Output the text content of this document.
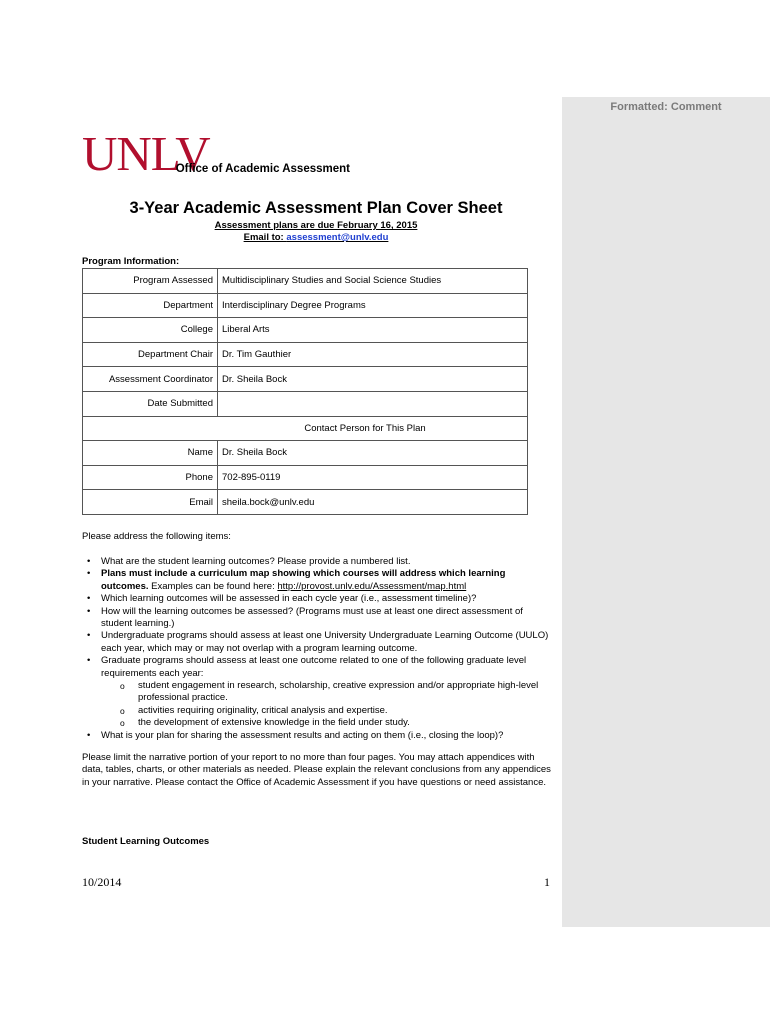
UNLV
Office of Academic Assessment
3-Year Academic Assessment Plan Cover Sheet
Assessment plans are due February 16, 2015
Email to: assessment@unlv.edu
Program Information:
Program Assessed	Multidisciplinary Studies and Social Science Studies
Department	Interdisciplinary Degree Programs
College	Liberal Arts
Department Chair	Dr. Tim Gauthier
Assessment Coordinator	Dr. Sheila Bock
Date Submitted	
Contact Person for This Plan	
Name	Dr. Sheila Bock
Phone	702-895-0119
Email	sheila.bock@unlv.edu
Please address the following items:
• What are the student learning outcomes? Please provide a numbered list.
• Plans must include a curriculum map showing which courses will address which learning outcomes. Examples can be found here: http://provost.unlv.edu/Assessment/map.html
• Which learning outcomes will be assessed in each cycle year (i.e., assessment timeline)?
• How will the learning outcomes be assessed? (Programs must use at least one direct assessment of student learning.)
• Undergraduate programs should assess at least one University Undergraduate Learning Outcome (UULO) each year, which may or may not overlap with a program learning outcome.
• Graduate programs should assess at least one outcome related to one of the following graduate level requirements each year:
o student engagement in research, scholarship, creative expression and/or appropriate high-level professional practice.
o activities requiring originality, critical analysis and expertise.
o the development of extensive knowledge in the field under study.
• What is your plan for sharing the assessment results and acting on them (i.e., closing the loop)?
Please limit the narrative portion of your report to no more than four pages. You may attach appendices with data, tables, charts, or other materials as needed. Please explain the relevant conclusions from any appendices in your narrative. Please contact the Office of Academic Assessment if you have questions or need assistance.
Student Learning Outcomes
10/2014	1
Formatted: Comment
